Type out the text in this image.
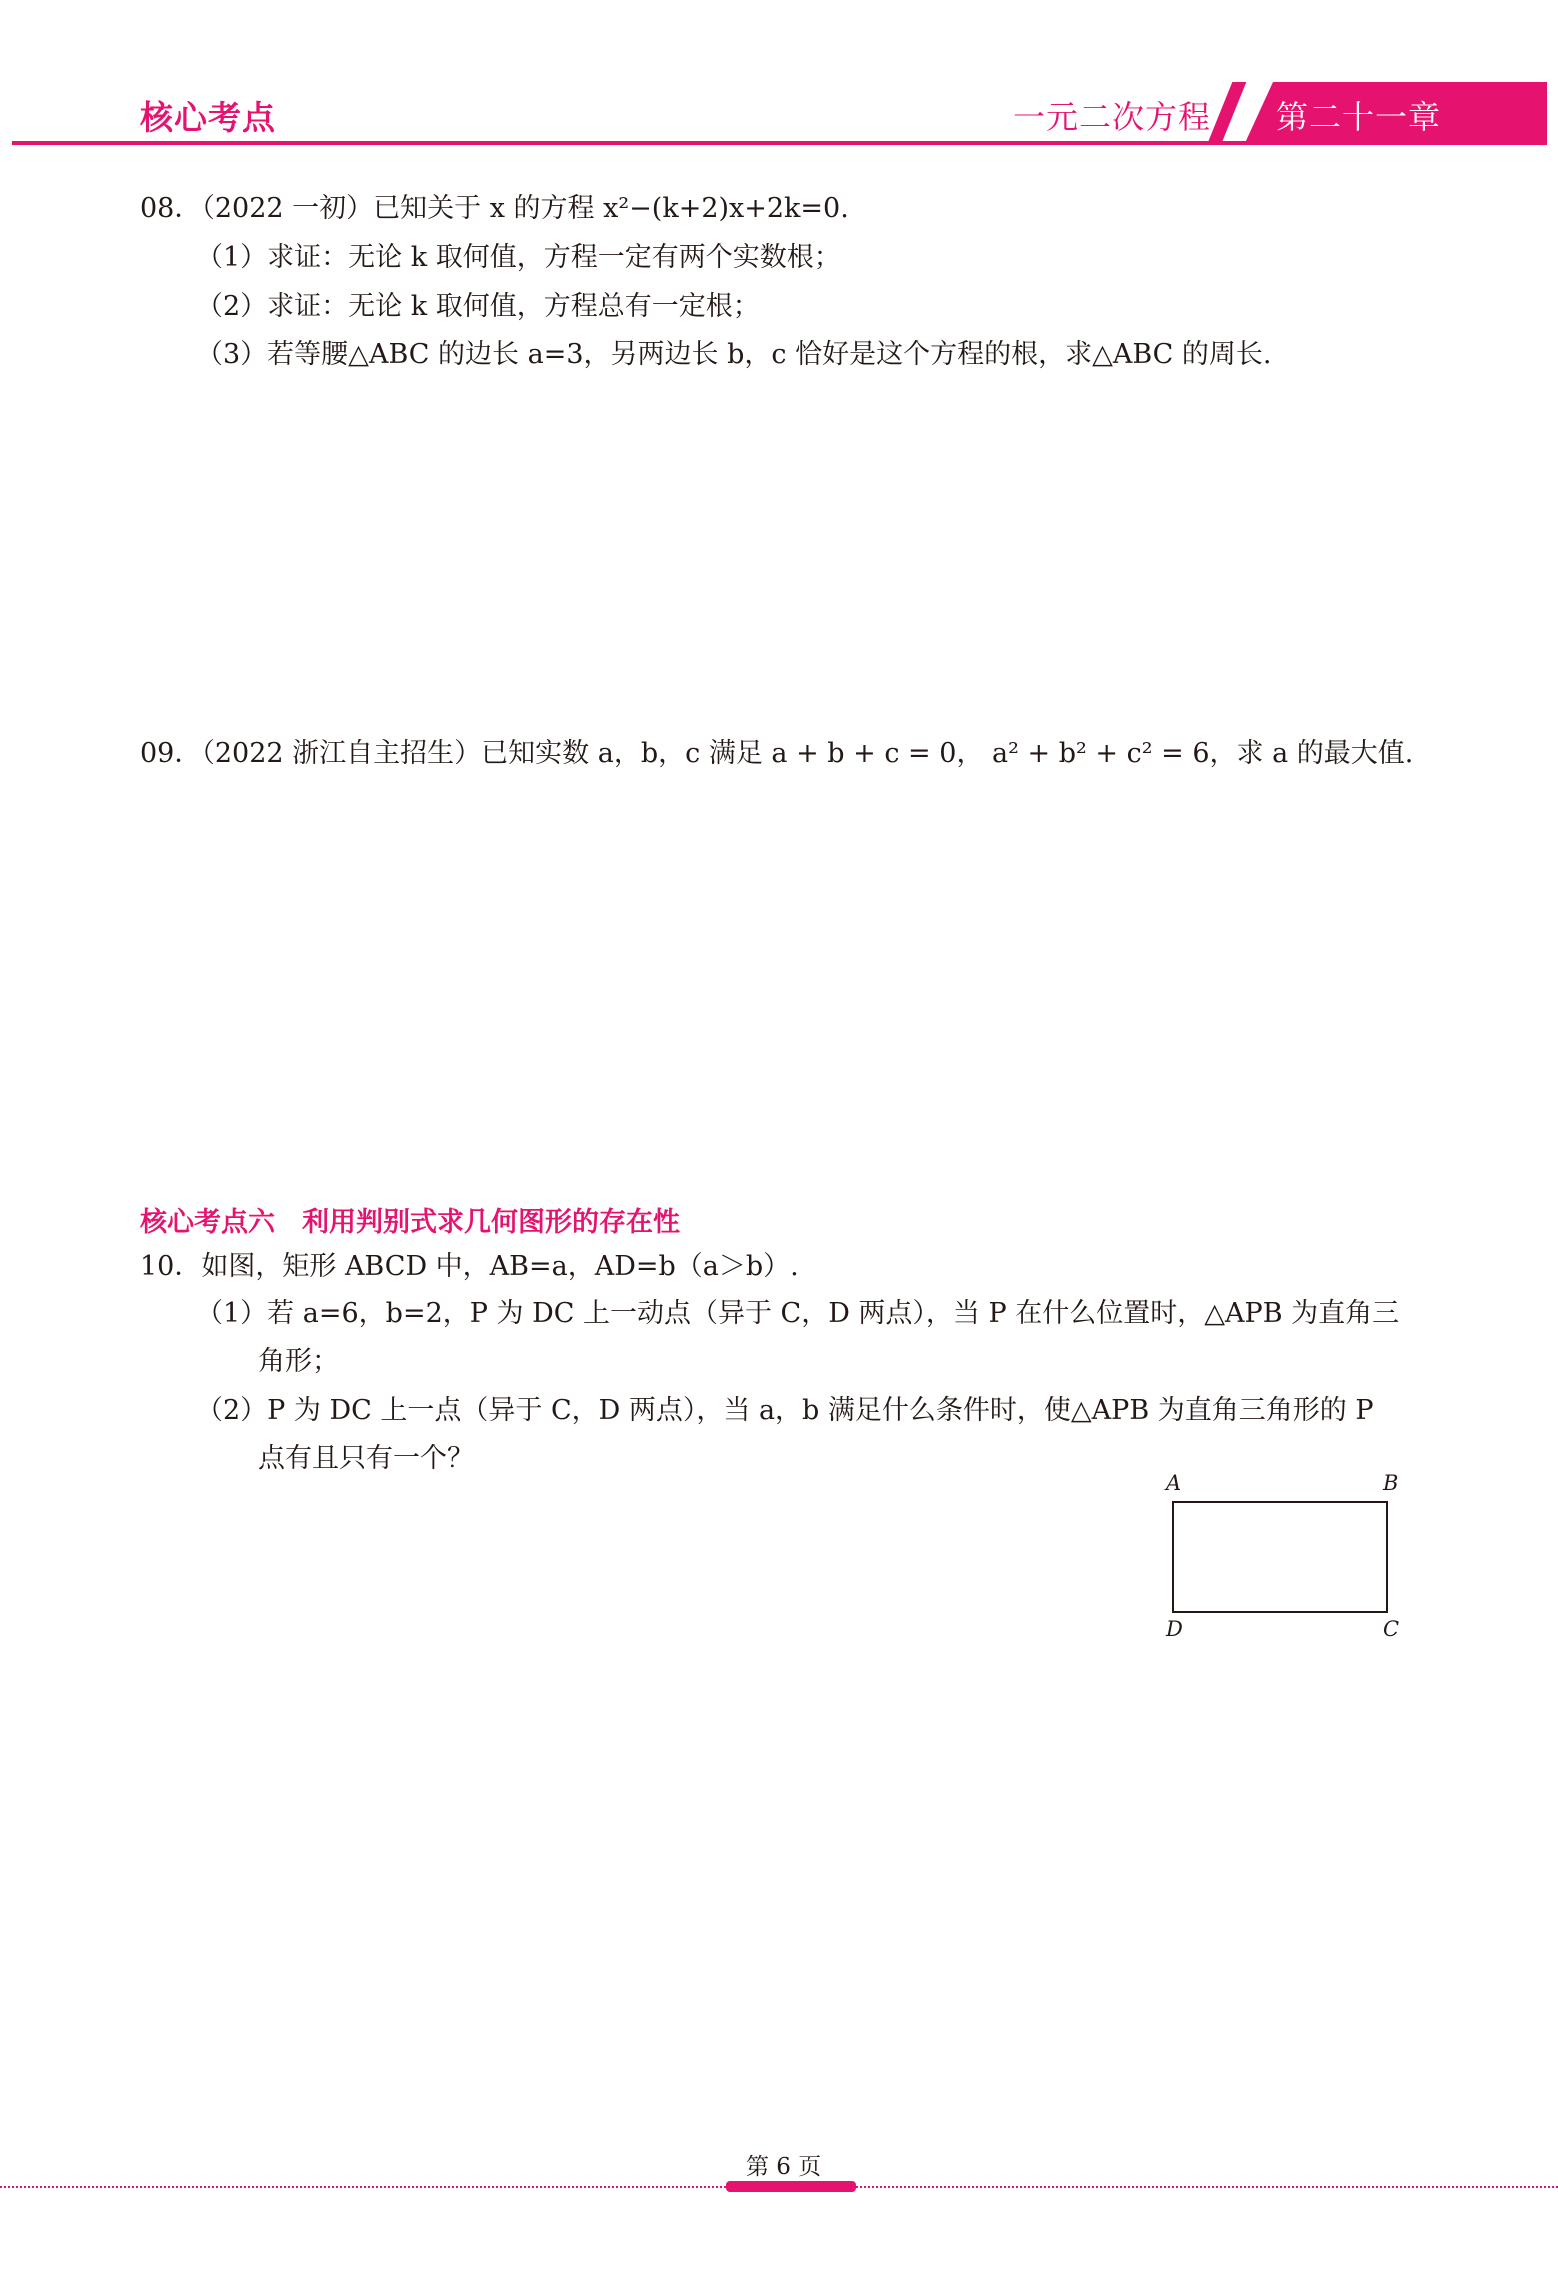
核心考点	一元二次方程 第二十一章
08．（2022 一初）已知关于 x 的方程 x²−(k+2)x+2k=0.
（1）求证：无论 k 取何值，方程一定有两个实数根；
（2）求证：无论 k 取何值，方程总有一定根；
（3）若等腰△ABC 的边长 a=3，另两边长 b，c 恰好是这个方程的根，求△ABC 的周长.
09．（2022 浙江自主招生）已知实数 a，b，c 满足 a + b + c = 0， a² + b² + c² = 6，求 a 的最大值.
核心考点六　利用判别式求几何图形的存在性
10．如图，矩形 ABCD 中，AB=a，AD=b（a＞b）.
（1）若 a=6，b=2，P 为 DC 上一动点（异于 C，D 两点），当 P 在什么位置时，△APB 为直角三
角形；
（2）P 为 DC 上一点（异于 C，D 两点），当 a，b 满足什么条件时，使△APB 为直角三角形的 P
点有且只有一个？
A	B
D	C
第 6 页
